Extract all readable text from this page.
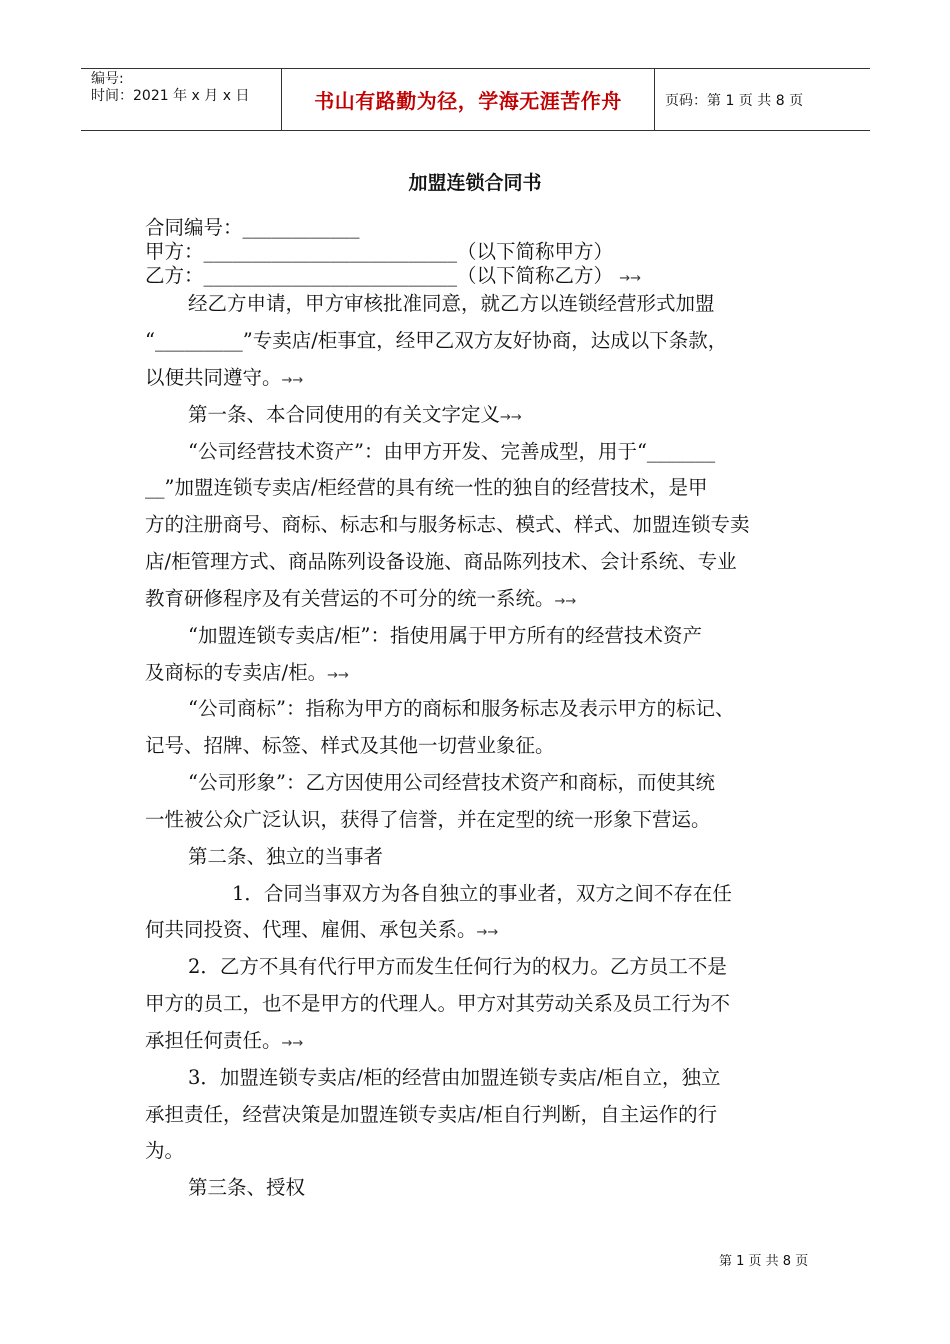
编号:
时间：2021 年 x 月 x 日	书山有路勤为径，学海无涯苦作舟	页码：第 1 页 共 8 页
加盟连锁合同书
合同编号：____________
甲方：__________________________（以下简称甲方）
乙方：__________________________（以下简称乙方） →→
经乙方申请，甲方审核批准同意，就乙方以连锁经营形式加盟
“_________”专卖店/柜事宜，经甲乙双方友好协商，达成以下条款，
以便共同遵守。→→
第一条、本合同使用的有关文字定义→→
“公司经营技术资产”：由甲方开发、完善成型，用于“_______
__”加盟连锁专卖店/柜经营的具有统一性的独自的经营技术，是甲
方的注册商号、商标、标志和与服务标志、模式、样式、加盟连锁专卖
店/柜管理方式、商品陈列设备设施、商品陈列技术、会计系统、专业
教育研修程序及有关营运的不可分的统一系统。→→
“加盟连锁专卖店/柜”：指使用属于甲方所有的经营技术资产
及商标的专卖店/柜。→→
“公司商标”：指称为甲方的商标和服务标志及表示甲方的标记、
记号、招牌、标签、样式及其他一切营业象征。
“公司形象”：乙方因使用公司经营技术资产和商标，而使其统
一性被公众广泛认识，获得了信誉，并在定型的统一形象下营运。
第二条、独立的当事者
1．合同当事双方为各自独立的事业者，双方之间不存在任
何共同投资、代理、雇佣、承包关系。→→
2．乙方不具有代行甲方而发生任何行为的权力。乙方员工不是
甲方的员工，也不是甲方的代理人。甲方对其劳动关系及员工行为不
承担任何责任。→→
3．加盟连锁专卖店/柜的经营由加盟连锁专卖店/柜自立，独立
承担责任，经营决策是加盟连锁专卖店/柜自行判断，自主运作的行
为。
第三条、授权
第 1 页 共 8 页
